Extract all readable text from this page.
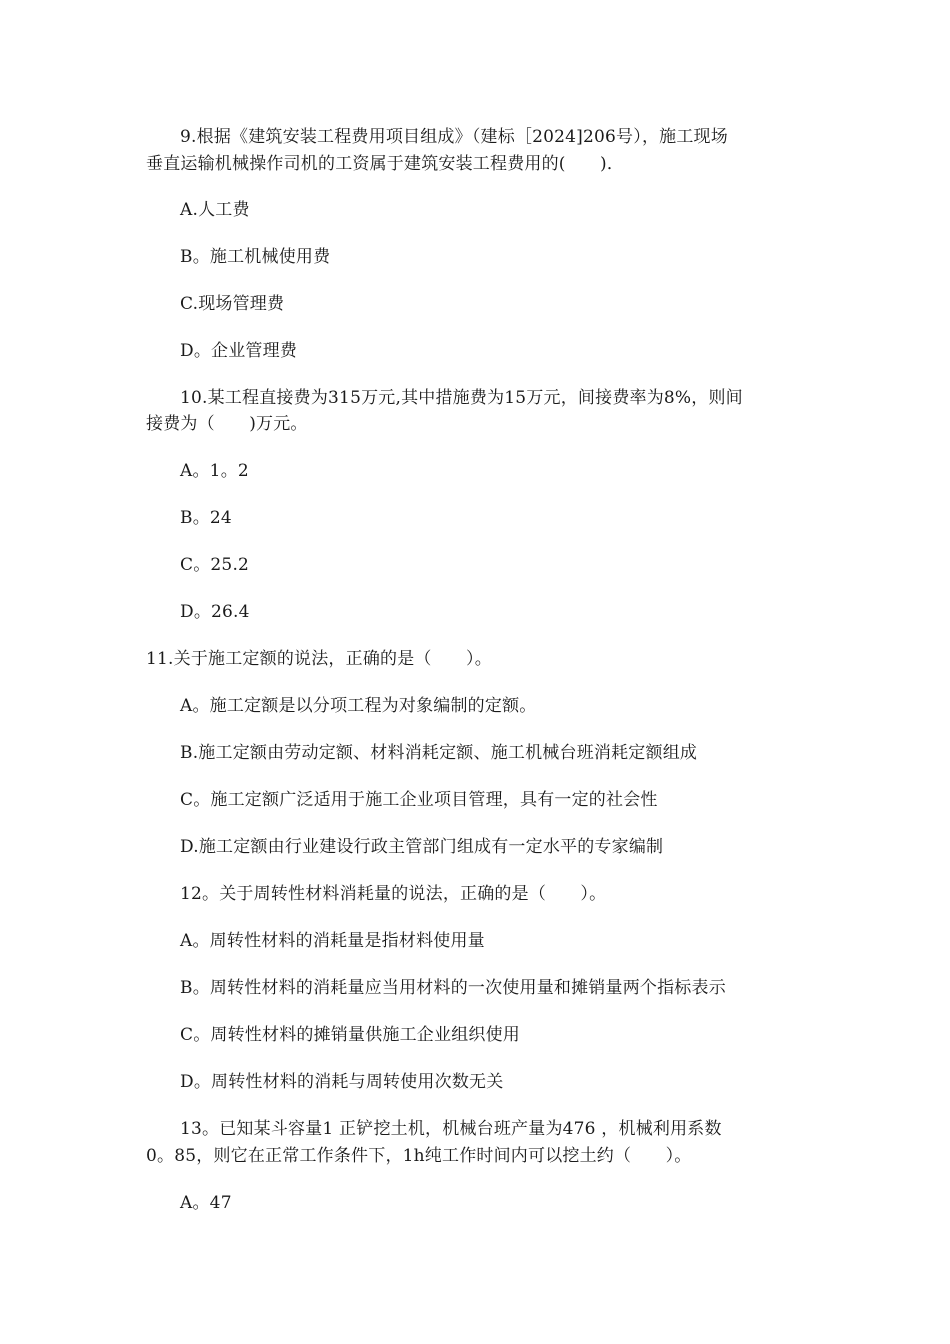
9.根据《建筑安装工程费用项目组成》（建标［2024]206号），施工现场
垂直运输机械操作司机的工资属于建筑安装工程费用的(　　)．
A.人工费
B。施工机械使用费
C.现场管理费
D。企业管理费
10.某工程直接费为315万元,其中措施费为15万元，间接费率为8%，则间
接费为（　　)万元。
A。1。2
B。24
C。25.2
D。26.4
11.关于施工定额的说法，正确的是（　　）。
A。施工定额是以分项工程为对象编制的定额。
B.施工定额由劳动定额、材料消耗定额、施工机械台班消耗定额组成
C。施工定额广泛适用于施工企业项目管理，具有一定的社会性
D.施工定额由行业建设行政主管部门组成有一定水平的专家编制
12。关于周转性材料消耗量的说法，正确的是（　　）。
A。周转性材料的消耗量是指材料使用量
B。周转性材料的消耗量应当用材料的一次使用量和摊销量两个指标表示
C。周转性材料的摊销量供施工企业组织使用
D。周转性材料的消耗与周转使用次数无关
13。已知某斗容量1 正铲挖土机，机械台班产量为476 ，机械利用系数
0。85，则它在正常工作条件下，1h纯工作时间内可以挖土约（　　）。
A。47
